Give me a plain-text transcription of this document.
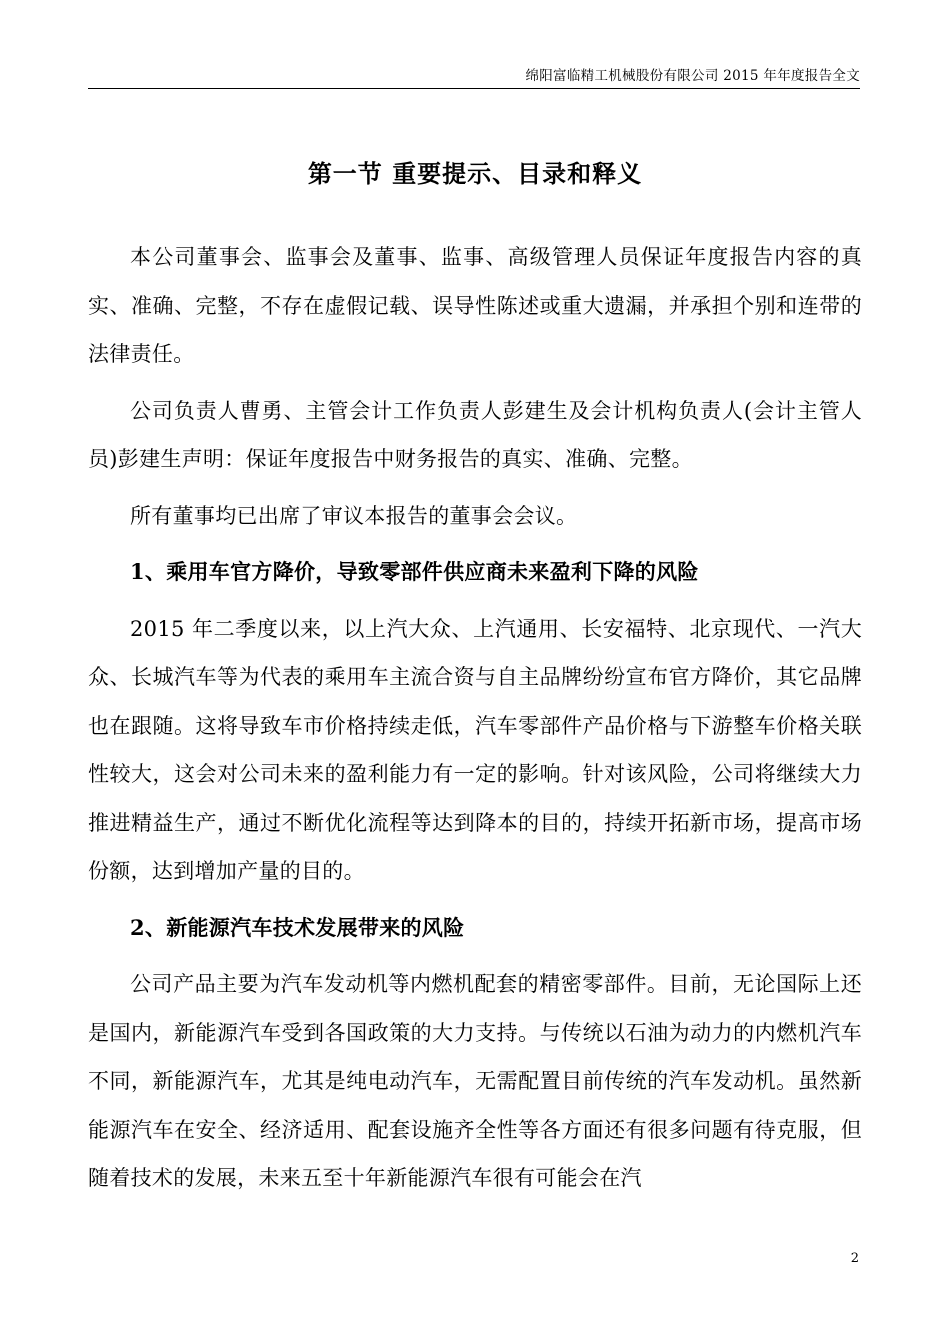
绵阳富临精工机械股份有限公司 2015 年年度报告全文
第一节 重要提示、目录和释义

本公司董事会、监事会及董事、监事、高级管理人员保证年度报告内容的真实、准确、完整，不存在虚假记载、误导性陈述或重大遗漏，并承担个别和连带的法律责任。

公司负责人曹勇、主管会计工作负责人彭建生及会计机构负责人(会计主管人员)彭建生声明：保证年度报告中财务报告的真实、准确、完整。

所有董事均已出席了审议本报告的董事会会议。

1、乘用车官方降价，导致零部件供应商未来盈利下降的风险

2015 年二季度以来，以上汽大众、上汽通用、长安福特、北京现代、一汽大众、长城汽车等为代表的乘用车主流合资与自主品牌纷纷宣布官方降价，其它品牌也在跟随。这将导致车市价格持续走低，汽车零部件产品价格与下游整车价格关联性较大，这会对公司未来的盈利能力有一定的影响。针对该风险，公司将继续大力推进精益生产，通过不断优化流程等达到降本的目的，持续开拓新市场，提高市场份额，达到增加产量的目的。

2、新能源汽车技术发展带来的风险

公司产品主要为汽车发动机等内燃机配套的精密零部件。目前，无论国际上还是国内，新能源汽车受到各国政策的大力支持。与传统以石油为动力的内燃机汽车不同，新能源汽车，尤其是纯电动汽车，无需配置目前传统的汽车发动机。虽然新能源汽车在安全、经济适用、配套设施齐全性等各方面还有很多问题有待克服，但随着技术的发展，未来五至十年新能源汽车很有可能会在汽

2
